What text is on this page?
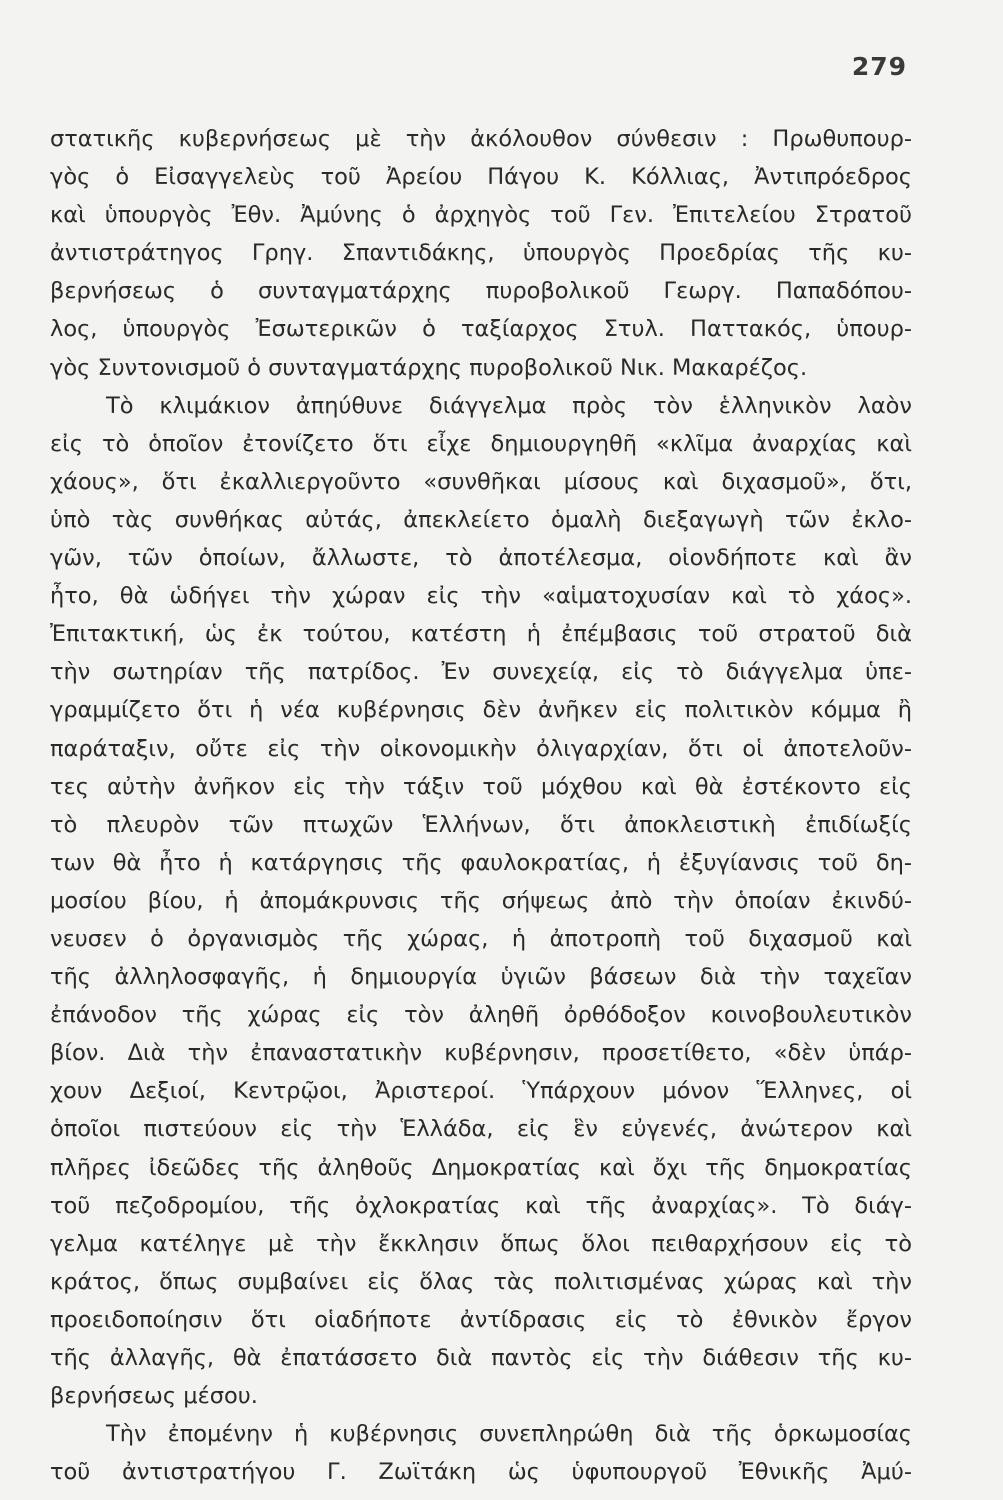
279
στατικῆς κυβερνήσεως μὲ τὴν ἀκόλουθον σύνθεσιν : Πρωθυπουρ-
γὸς ὁ Εἰσαγγελεὺς τοῦ Ἀρείου Πάγου Κ. Κόλλιας, Ἀντιπρόεδρος
καὶ ὑπουργὸς Ἐθν. Ἀμύνης ὁ ἀρχηγὸς τοῦ Γεν. Ἐπιτελείου Στρατοῦ
ἀντιστράτηγος Γρηγ. Σπαντιδάκης, ὑπουργὸς Προεδρίας τῆς κυ-
βερνήσεως ὁ συνταγματάρχης πυροβολικοῦ Γεωργ. Παπαδόπου-
λος, ὑπουργὸς Ἐσωτερικῶν ὁ ταξίαρχος Στυλ. Παττακός, ὑπουρ-
γὸς Συντονισμοῦ ὁ συνταγματάρχης πυροβολικοῦ Νικ. Μακαρέζος.
Τὸ κλιμάκιον ἀπηύθυνε διάγγελμα πρὸς τὸν ἑλληνικὸν λαὸν
εἰς τὸ ὁποῖον ἐτονίζετο ὅτι εἶχε δημιουργηθῆ «κλῖμα ἀναρχίας καὶ
χάους», ὅτι ἐκαλλιεργοῦντο «συνθῆκαι μίσους καὶ διχασμοῦ», ὅτι,
ὑπὸ τὰς συνθήκας αὐτάς, ἀπεκλείετο ὁμαλὴ διεξαγωγὴ τῶν ἐκλο-
γῶν, τῶν ὁποίων, ἄλλωστε, τὸ ἀποτέλεσμα, οἱονδήποτε καὶ ἂν
ἦτο, θὰ ὡδήγει τὴν χώραν εἰς τὴν «αἱματοχυσίαν καὶ τὸ χάος».
Ἐπιτακτική, ὡς ἐκ τούτου, κατέστη ἡ ἐπέμβασις τοῦ στρατοῦ διὰ
τὴν σωτηρίαν τῆς πατρίδος. Ἐν συνεχείᾳ, εἰς τὸ διάγγελμα ὑπε-
γραμμίζετο ὅτι ἡ νέα κυβέρνησις δὲν ἀνῆκεν εἰς πολιτικὸν κόμμα ἢ
παράταξιν, οὔτε εἰς τὴν οἰκονομικὴν ὀλιγαρχίαν, ὅτι οἱ ἀποτελοῦν-
τες αὐτὴν ἀνῆκον εἰς τὴν τάξιν τοῦ μόχθου καὶ θὰ ἐστέκοντο εἰς
τὸ πλευρὸν τῶν πτωχῶν Ἑλλήνων, ὅτι ἀποκλειστικὴ ἐπιδίωξίς
των θὰ ἦτο ἡ κατάργησις τῆς φαυλοκρατίας, ἡ ἐξυγίανσις τοῦ δη-
μοσίου βίου, ἡ ἀπομάκρυνσις τῆς σήψεως ἀπὸ τὴν ὁποίαν ἐκινδύ-
νευσεν ὁ ὀργανισμὸς τῆς χώρας, ἡ ἀποτροπὴ τοῦ διχασμοῦ καὶ
τῆς ἀλληλοσφαγῆς, ἡ δημιουργία ὑγιῶν βάσεων διὰ τὴν ταχεῖαν
ἐπάνοδον τῆς χώρας εἰς τὸν ἀληθῆ ὀρθόδοξον κοινοβουλευτικὸν
βίον. Διὰ τὴν ἐπαναστατικὴν κυβέρνησιν, προσετίθετο, «δὲν ὑπάρ-
χουν Δεξιοί, Κεντρῷοι, Ἀριστεροί. Ὑπάρχουν μόνον Ἕλληνες, οἱ
ὁποῖοι πιστεύουν εἰς τὴν Ἑλλάδα, εἰς ἓν εὐγενές, ἀνώτερον καὶ
πλῆρες ἰδεῶδες τῆς ἀληθοῦς Δημοκρατίας καὶ ὄχι τῆς δημοκρατίας
τοῦ πεζοδρομίου, τῆς ὀχλοκρατίας καὶ τῆς ἀναρχίας». Τὸ διάγ-
γελμα κατέληγε μὲ τὴν ἔκκλησιν ὅπως ὅλοι πειθαρχήσουν εἰς τὸ
κράτος, ὅπως συμβαίνει εἰς ὅλας τὰς πολιτισμένας χώρας καὶ τὴν
προειδοποίησιν ὅτι οἱαδήποτε ἀντίδρασις εἰς τὸ ἐθνικὸν ἔργον
τῆς ἀλλαγῆς, θὰ ἐπατάσσετο διὰ παντὸς εἰς τὴν διάθεσιν τῆς κυ-
βερνήσεως μέσου.
Τὴν ἐπομένην ἡ κυβέρνησις συνεπληρώθη διὰ τῆς ὁρκωμοσίας
τοῦ ἀντιστρατήγου Γ. Ζωϊτάκη ὡς ὑφυπουργοῦ Ἐθνικῆς Ἀμύ-
